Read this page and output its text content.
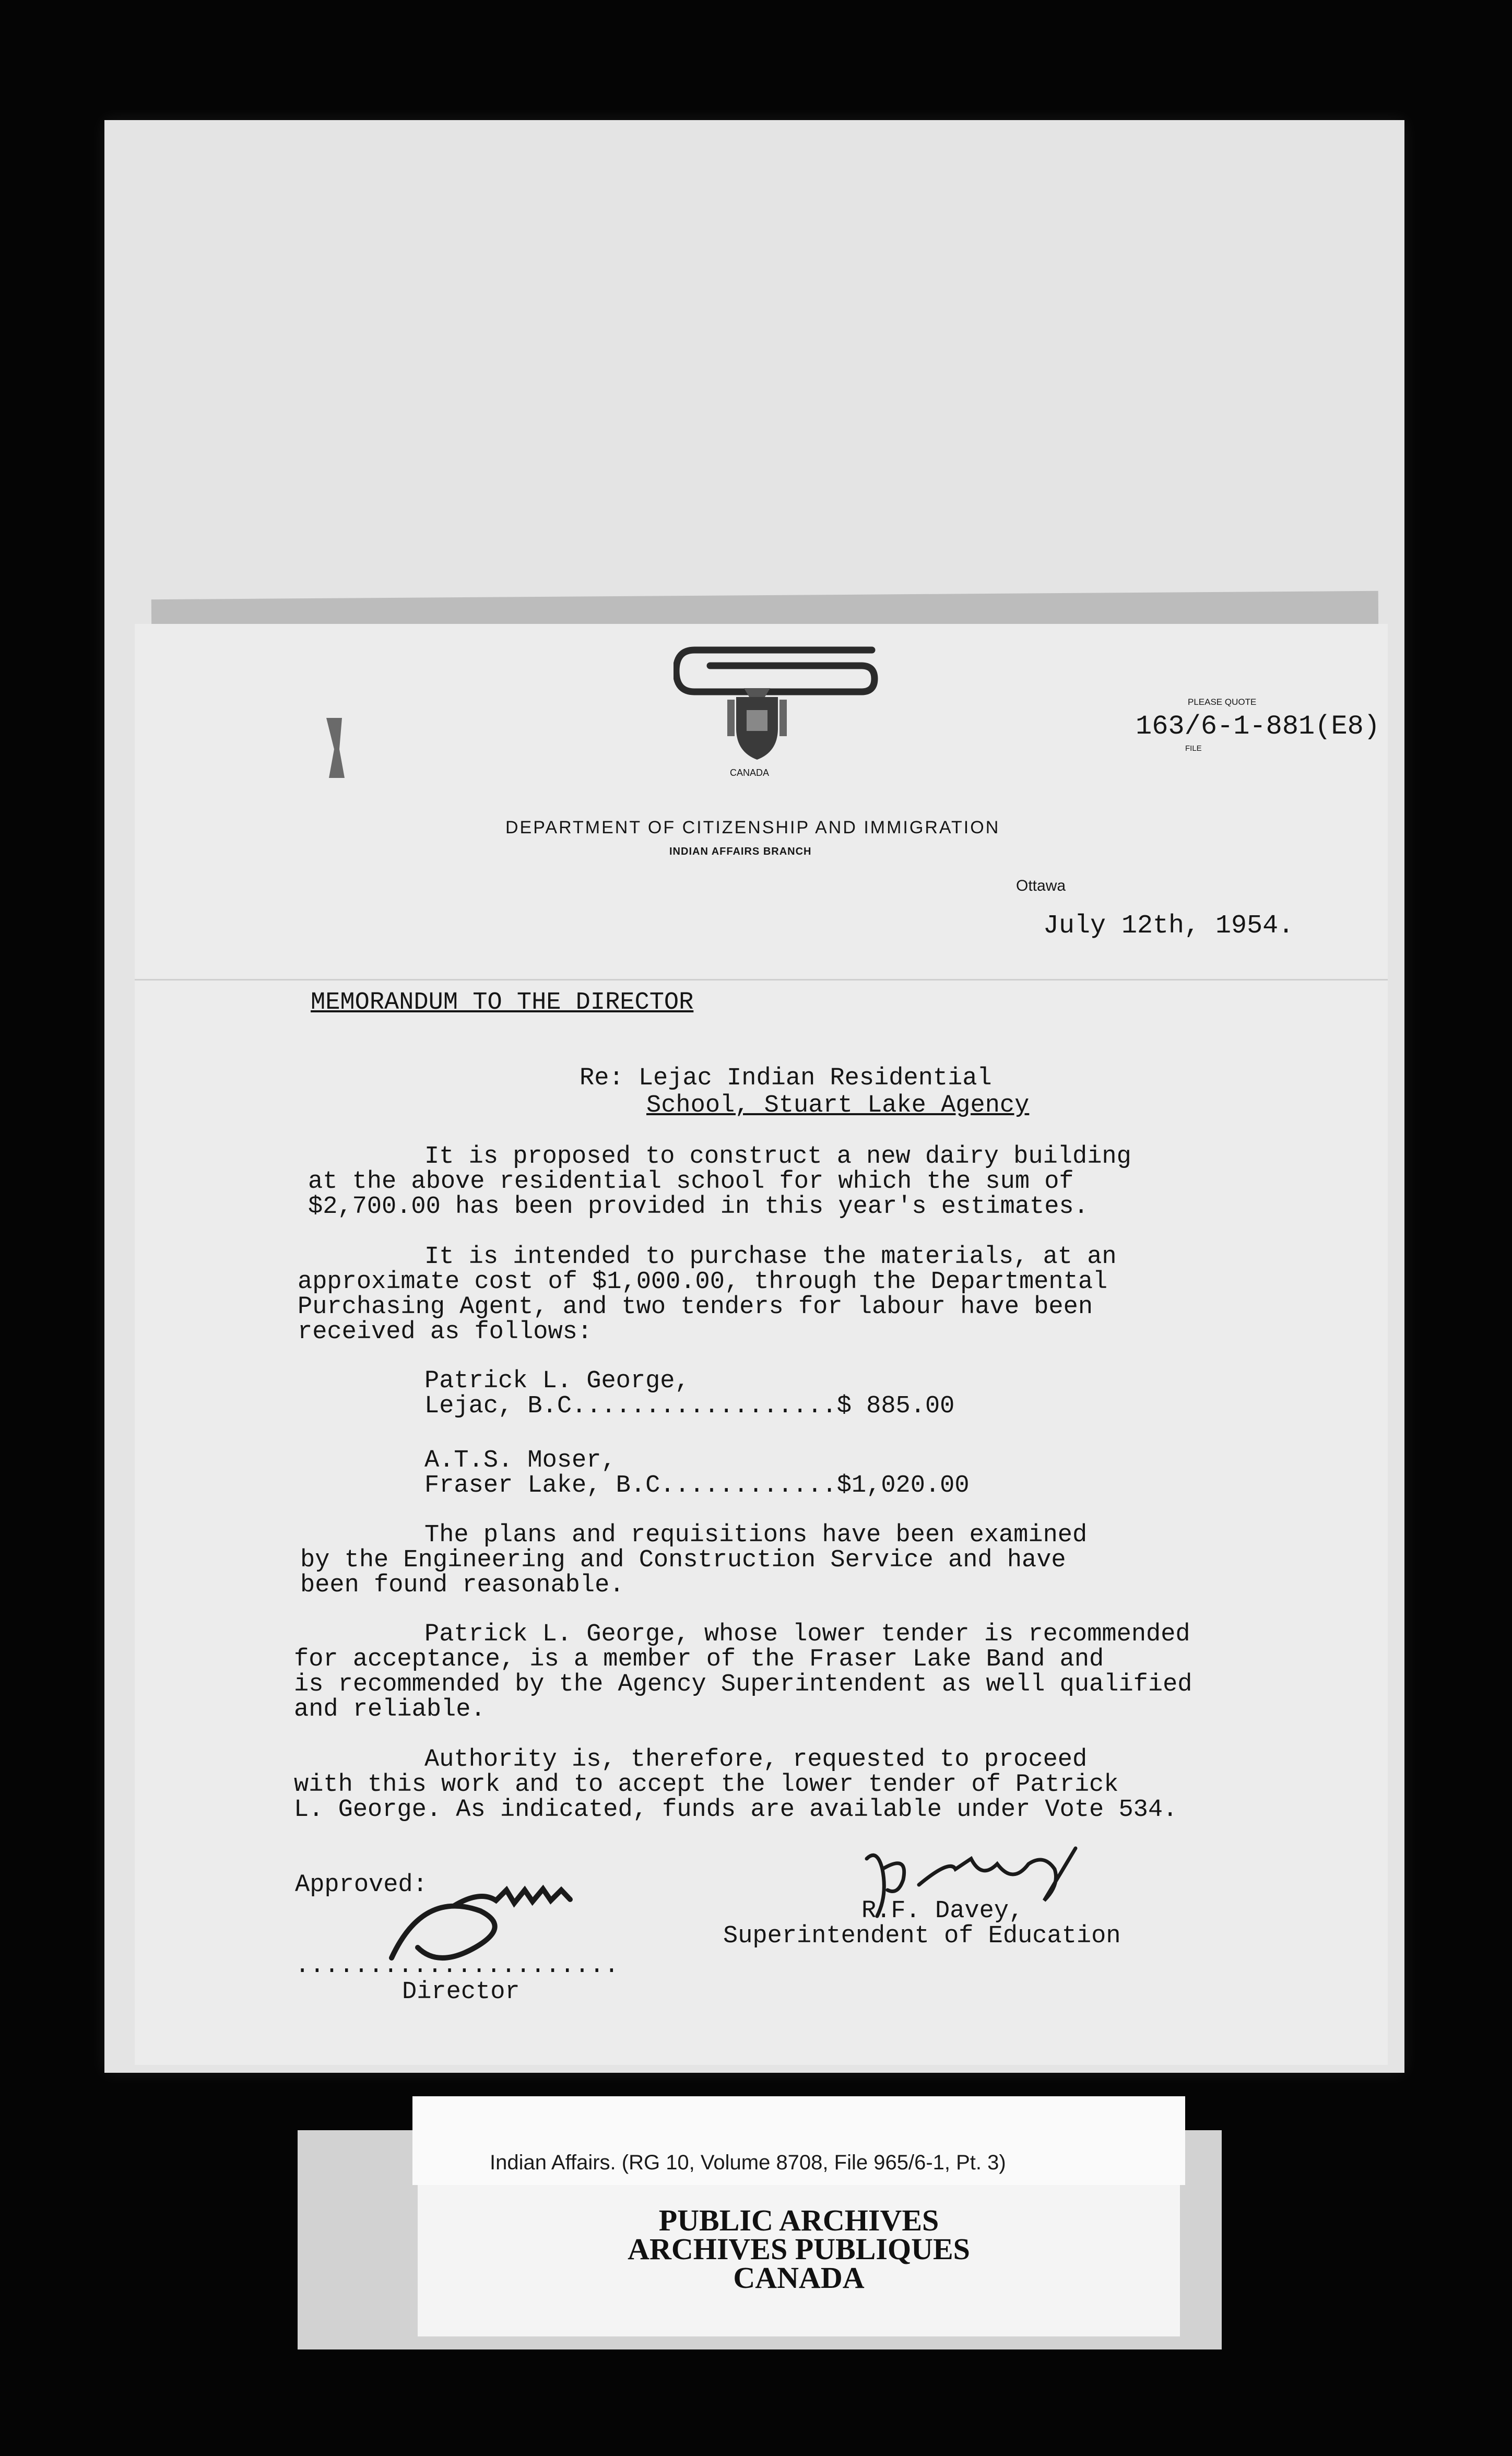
CANADA
PLEASE QUOTE
163/6-1-881(E8)
FILE
DEPARTMENT OF CITIZENSHIP AND IMMIGRATION
INDIAN AFFAIRS BRANCH
Ottawa
July 12th, 1954.
MEMORANDUM TO THE DIRECTOR
Re: Lejac Indian Residential
School, Stuart Lake Agency
It is proposed to construct a new dairy building
at the above residential school for which the sum of
$2,700.00 has been provided in this year's estimates.
It is intended to purchase the materials, at an
approximate cost of $1,000.00, through the Departmental
Purchasing Agent, and two tenders for labour have been
received as follows:
Patrick L. George,
Lejac, B.C..................$ 885.00
A.T.S. Moser,
Fraser Lake, B.C............$1,020.00
The plans and requisitions have been examined
by the Engineering and Construction Service and have
been found reasonable.
Patrick L. George, whose lower tender is recommended
for acceptance, is a member of the Fraser Lake Band and
is recommended by the Agency Superintendent as well qualified
and reliable.
Authority is, therefore, requested to proceed
with this work and to accept the lower tender of Patrick
L. George. As indicated, funds are available under Vote 534.
Approved:
......................
Director
R.F. Davey,
Superintendent of Education
Indian Affairs. (RG 10, Volume 8708, File 965/6-1, Pt. 3)
PUBLIC ARCHIVES
ARCHIVES PUBLIQUES
CANADA
